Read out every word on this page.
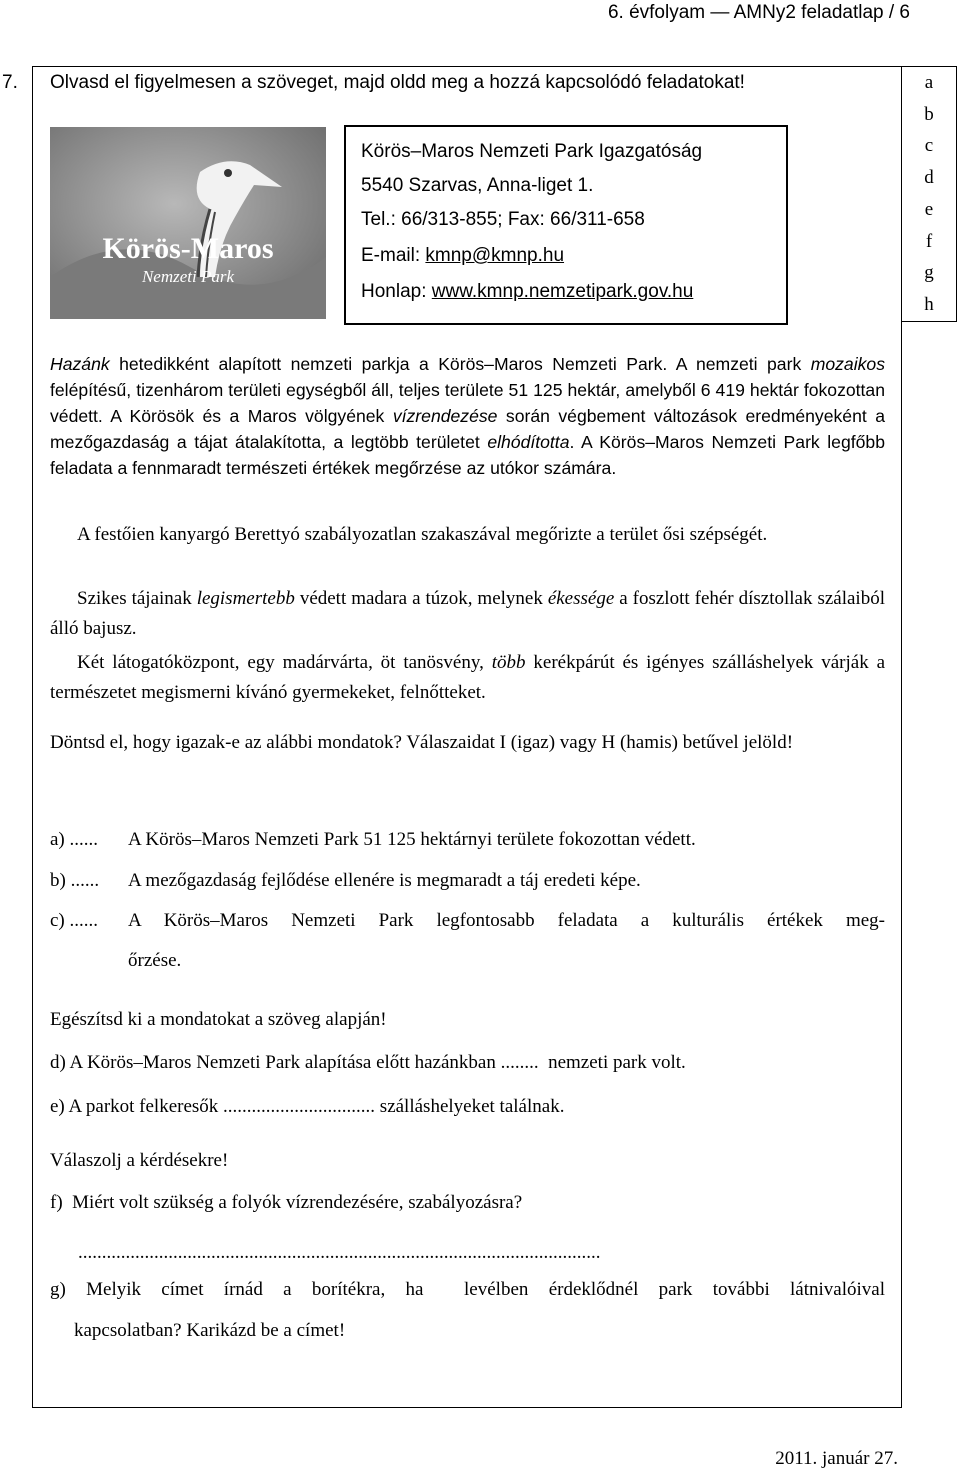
6. évfolyam — AMNy2 feladatlap / 6
7.	a
b
c
d
e
f
g
h
Olvasd el figyelmesen a szöveget, majd oldd meg a hozzá kapcsolódó feladatokat!
Körös-Maros
Nemzeti Park
Körös–Maros Nemzeti Park Igazgatóság
5540 Szarvas, Anna-liget 1.
Tel.: 66/313-855; Fax: 66/311-658
E-mail: kmnp@kmnp.hu
Honlap: www.kmnp.nemzetipark.gov.hu
Hazánk hetedikként alapított nemzeti parkja a Körös–Maros Nemzeti Park. A nemzeti park mozaikos felépítésű, tizenhárom területi egységből áll, teljes területe 51 125 hektár, amelyből 6 419 hektár fokozottan védett. A Körösök és a Maros völgyének vízrendezése során végbement változások eredményeként a mezőgazdaság a tájat átalakította, a legtöbb területet elhódította. A Körös–Maros Nemzeti Park legfőbb feladata a fennmaradt természeti értékek megőrzése az utókor számára.
A festőien kanyargó Berettyó szabályozatlan szakaszával megőrizte a terület ősi szépségét.
Szikes tájainak legismertebb védett madara a túzok, melynek ékessége a foszlott fehér dísztollak szálaiból álló bajusz.
Két látogatóközpont, egy madárvárta, öt tanösvény, több kerékpárút és igényes szálláshelyek várják a természetet megismerni kívánó gyermekeket, felnőtteket.
Döntsd el, hogy igazak-e az alábbi mondatok? Válaszaidat I (igaz) vagy H (hamis) betűvel jelöld!
a) ...... A Körös–Maros Nemzeti Park 51 125 hektárnyi területe fokozottan védett.
b) ...... A mezőgazdaság fejlődése ellenére is megmaradt a táj eredeti képe.
c) ...... A Körös–Maros Nemzeti Park legfontosabb feladata a kulturális értékek meg-
őrzése.
Egészítsd ki a mondatokat a szöveg alapján!
d) A Körös–Maros Nemzeti Park alapítása előtt hazánkban ........  nemzeti park volt.
e) A parkot felkeresők ................................ szálláshelyeket találnak.
Válaszolj a kérdésekre!
f)  Miért volt szükség a folyók vízrendezésére, szabályozásra?
..............................................................................................................
g) Melyik címet írnád a borítékra, ha  levélben érdeklődnél park további látnivalóival
kapcsolatban? Karikázd be a címet!
2011. január 27.
